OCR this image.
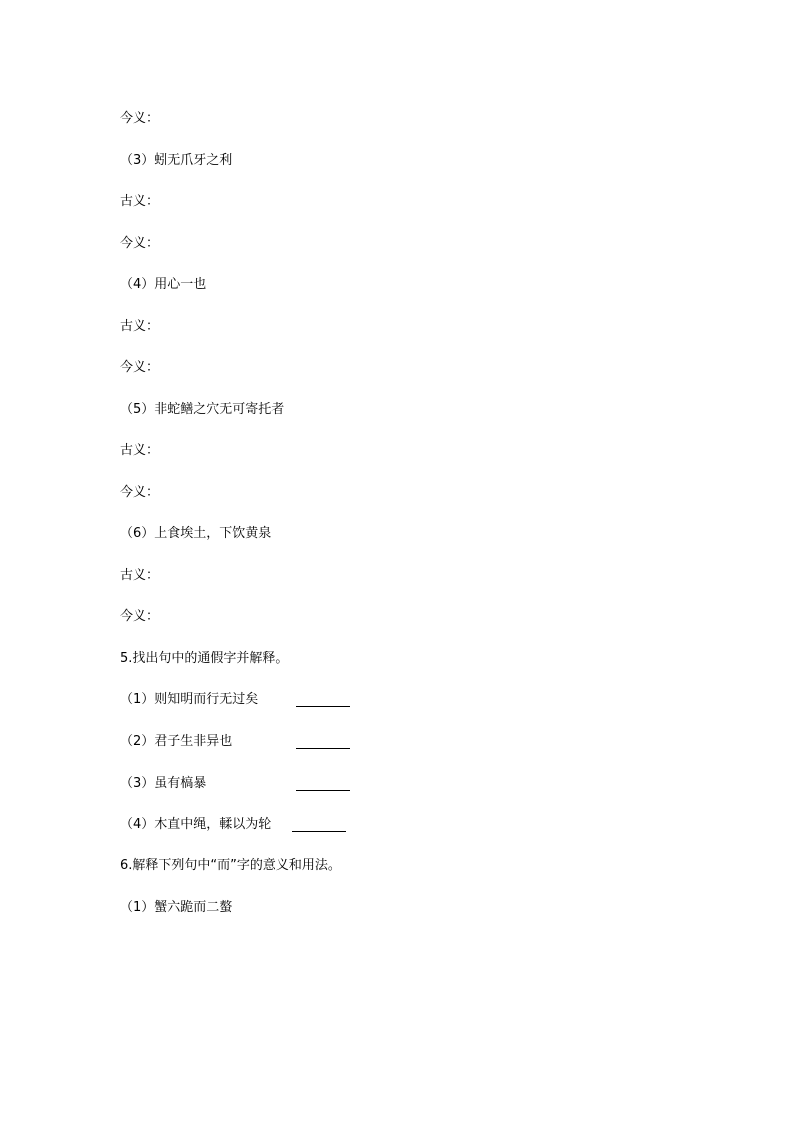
今义：
（3）蚓无爪牙之利
古义：
今义：
（4）用心一也
古义：
今义：
（5）非蛇鳝之穴无可寄托者
古义：
今义：
（6）上食埃土，下饮黄泉
古义：
今义：
5.找出句中的通假字并解释。
（1）则知明而行无过矣
（2）君子生非异也
（3）虽有槁暴
（4）木直中绳，輮以为轮
6.解释下列句中“而”字的意义和用法。
（1）蟹六跪而二螯
